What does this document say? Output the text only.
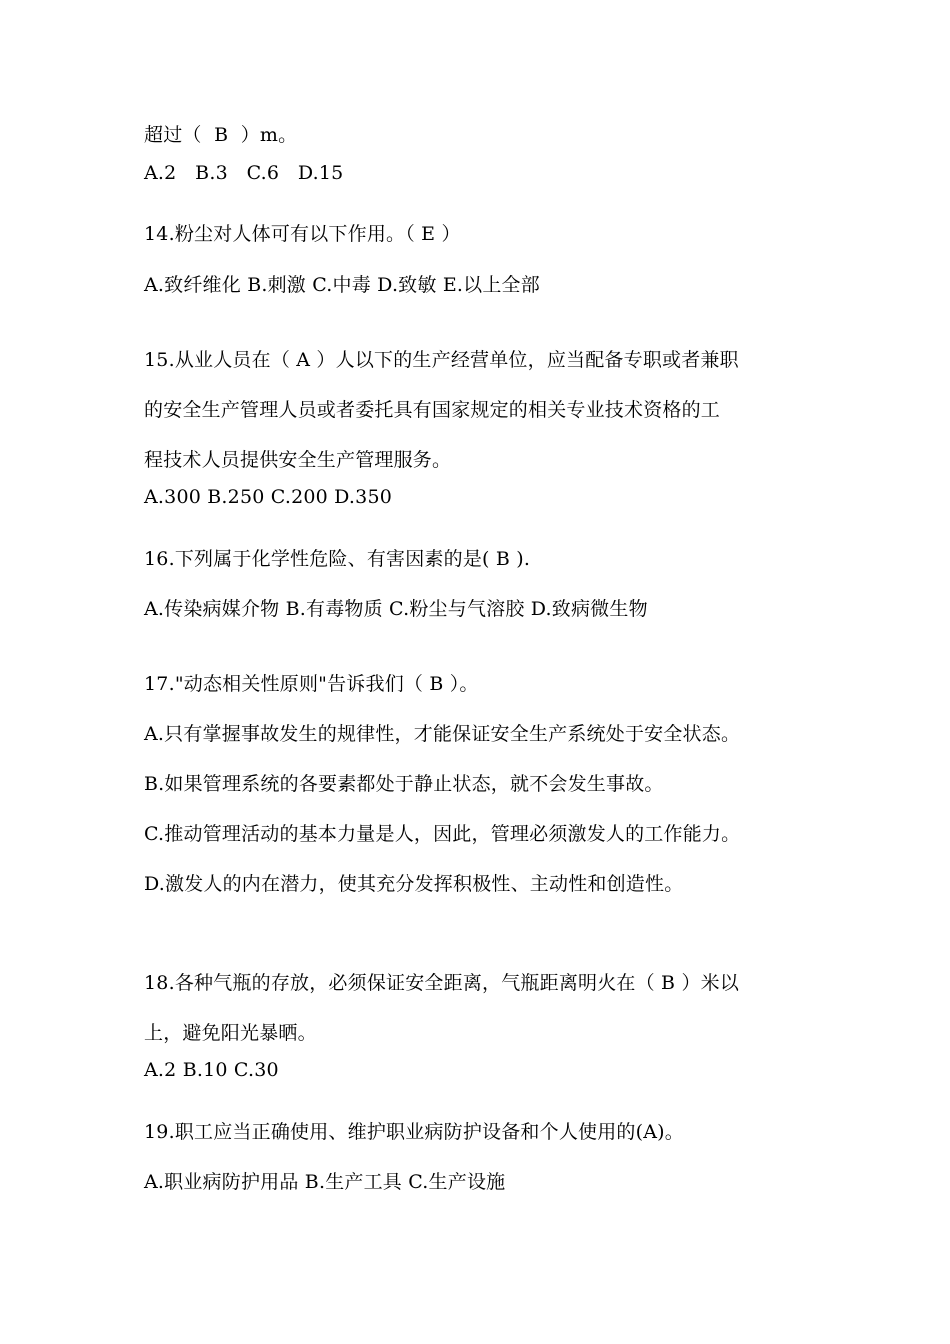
超过（  B  ）m。
A.2   B.3   C.6   D.15
14.粉尘对人体可有以下作用。（ E ）
A.致纤维化 B.刺激 C.中毒 D.致敏 E.以上全部
15.从业人员在（ A ）人以下的生产经营单位，应当配备专职或者兼职
的安全生产管理人员或者委托具有国家规定的相关专业技术资格的工
程技术人员提供安全生产管理服务。
A.300 B.250 C.200 D.350
16.下列属于化学性危险、有害因素的是( B ).
A.传染病媒介物 B.有毒物质 C.粉尘与气溶胶 D.致病微生物
17."动态相关性原则"告诉我们（ B ）。
A.只有掌握事故发生的规律性，才能保证安全生产系统处于安全状态。
B.如果管理系统的各要素都处于静止状态，就不会发生事故。
C.推动管理活动的基本力量是人，因此，管理必须激发人的工作能力。
D.激发人的内在潜力，使其充分发挥积极性、主动性和创造性。
18.各种气瓶的存放，必须保证安全距离，气瓶距离明火在（ B ）米以
上，避免阳光暴晒。
A.2 B.10 C.30
19.职工应当正确使用、维护职业病防护设备和个人使用的(A)。
A.职业病防护用品 B.生产工具 C.生产设施
